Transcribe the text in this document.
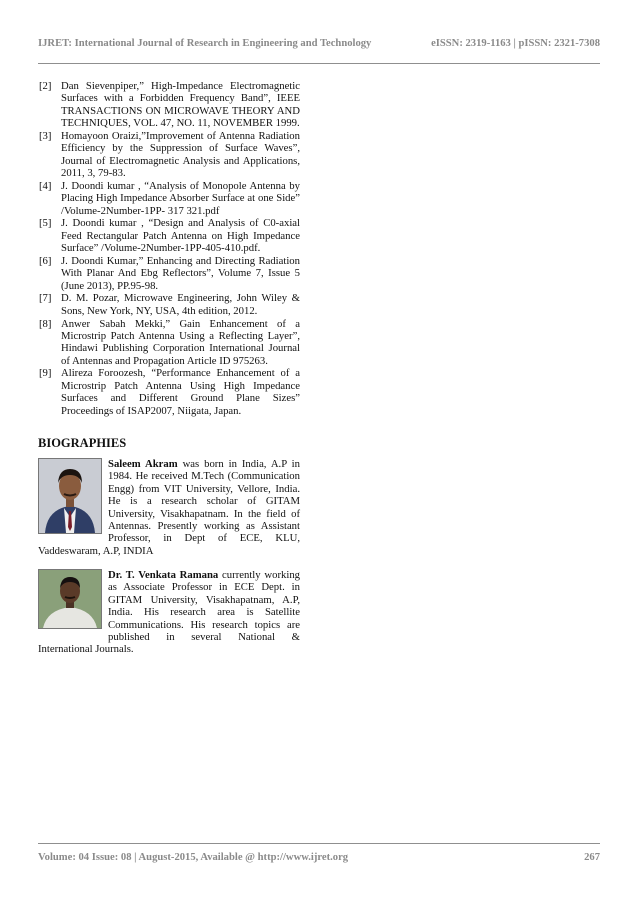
IJRET: International Journal of Research in Engineering and Technology	eISSN: 2319-1163 | pISSN: 2321-7308
[2] Dan Sievenpiper,” High-Impedance Electromagnetic Surfaces with a Forbidden Frequency Band”, IEEE TRANSACTIONS ON MICROWAVE THEORY AND TECHNIQUES, VOL. 47, NO. 11, NOVEMBER 1999.
[3] Homayoon Oraizi,”Improvement of Antenna Radiation Efficiency by the Suppression of Surface Waves”, Journal of Electromagnetic Analysis and Applications, 2011, 3, 79-83.
[4] J. Doondi kumar , “Analysis of Monopole Antenna by Placing High Impedance Absorber Surface at one Side” /Volume-2Number-1PP- 317 321.pdf
[5] J. Doondi kumar , “Design and Analysis of C0-axial Feed Rectangular Patch Antenna on High Impedance Surface” /Volume-2Number-1PP-405-410.pdf.
[6] J. Doondi Kumar,” Enhancing and Directing Radiation With Planar And Ebg Reflectors”, Volume 7, Issue 5 (June 2013), PP.95-98.
[7] D. M. Pozar, Microwave Engineering, John Wiley & Sons, New York, NY, USA, 4th edition, 2012.
[8] Anwer Sabah Mekki,” Gain Enhancement of a Microstrip Patch Antenna Using a Reflecting Layer”, Hindawi Publishing Corporation International Journal of Antennas and Propagation Article ID 975263.
[9] Alireza Foroozesh, “Performance Enhancement of a Microstrip Patch Antenna Using High Impedance Surfaces and Different Ground Plane Sizes” Proceedings of ISAP2007, Niigata, Japan.
BIOGRAPHIES
Saleem Akram was born in India, A.P in 1984. He received M.Tech (Communication Engg) from VIT University, Vellore, India. He is a research scholar of GITAM University, Visakhapatnam. In the field of Antennas. Presently working as Assistant Professor, in Dept of ECE, KLU, Vaddeswaram, A.P, INDIA
Dr. T. Venkata Ramana currently working as Associate Professor in ECE Dept. in GITAM University, Visakhapatnam, A.P, India. His research area is Satellite Communications. His research topics are published in several National & International Journals.
Volume: 04 Issue: 08 | August-2015, Available @ http://www.ijret.org	267
